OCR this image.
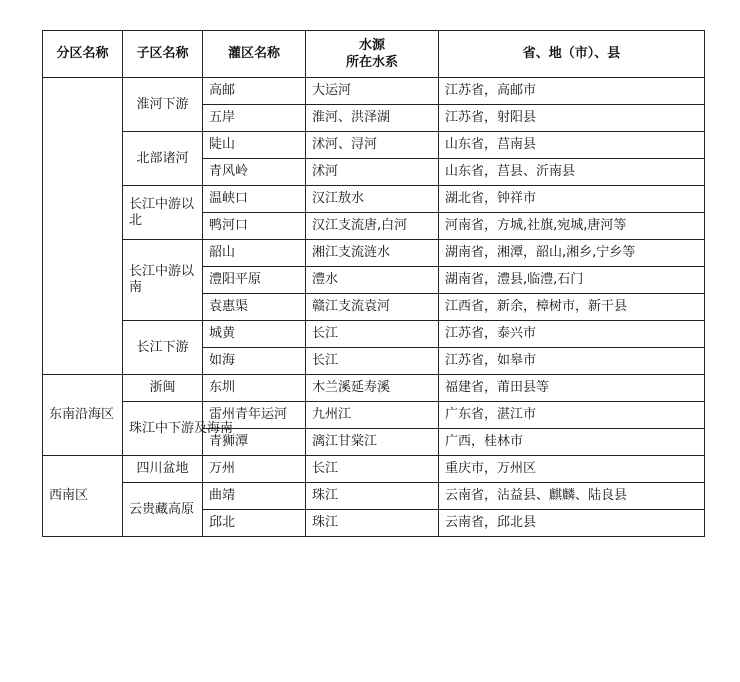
分区名称	子区名称	灌区名称	水源
所在水系	省、地（市）、县
	淮河下游	高邮	大运河	江苏省，高邮市
		五岸	淮河、洪泽湖	江苏省，射阳县
	北部诸河	陡山	沭河、浔河	山东省，莒南县
		青风岭	沭河	山东省，莒县、沂南县
	长江中游以北	温峡口	汉江敖水	湖北省，钟祥市
		鸭河口	汉江支流唐,白河	河南省，方城,社旗,宛城,唐河等
	长江中游以南	韶山	湘江支流涟水	湖南省，湘潭，韶山,湘乡,宁乡等
		澧阳平原	澧水	湖南省，澧县,临澧,石门
		袁惠渠	赣江支流袁河	江西省，新余，樟树市，新干县
	长江下游	城黄	长江	江苏省，泰兴市
		如海	长江	江苏省，如皋市
东南沿海区	浙闽	东圳	木兰溪延寿溪	福建省，莆田县等
	珠江中下游及海南	雷州青年运河	九州江	广东省，湛江市
		青狮潭	漓江甘棠江	广西，桂林市
西南区	四川盆地	万州	长江	重庆市，万州区
	云贵藏高原	曲靖	珠江	云南省，沾益县、麒麟、陆良县
		邱北	珠江	云南省，邱北县
